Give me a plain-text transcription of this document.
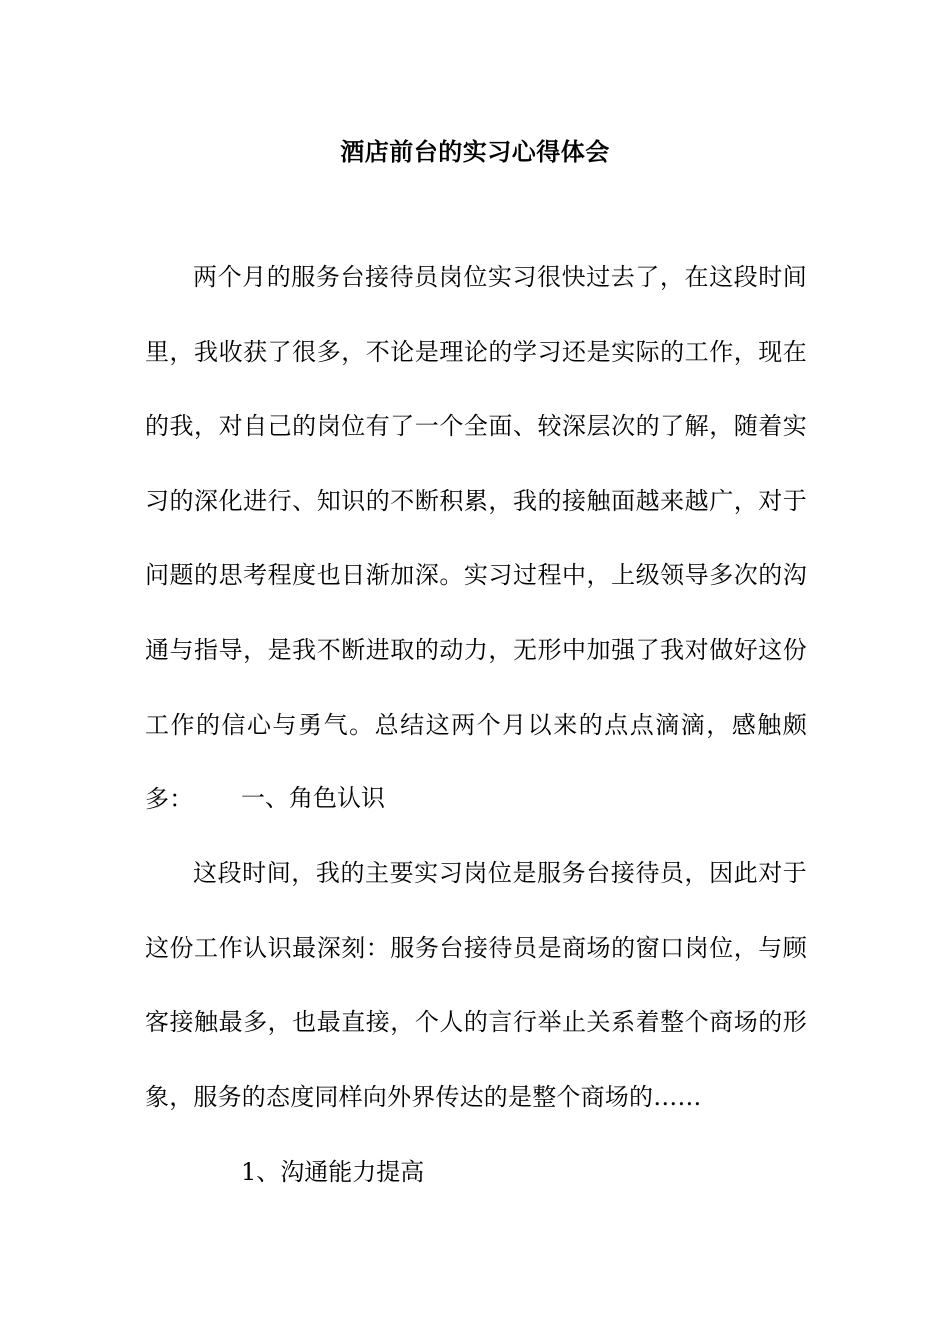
酒店前台的实习心得体会

两个月的服务台接待员岗位实习很快过去了，在这段时间里，我收获了很多，不论是理论的学习还是实际的工作，现在的我，对自己的岗位有了一个全面、较深层次的了解，随着实习的深化进行、知识的不断积累，我的接触面越来越广，对于问题的思考程度也日渐加深。实习过程中，上级领导多次的沟通与指导，是我不断进取的动力，无形中加强了我对做好这份工作的信心与勇气。总结这两个月以来的点点滴滴，感触颇多：	一、角色认识

这段时间，我的主要实习岗位是服务台接待员，因此对于这份工作认识最深刻：服务台接待员是商场的窗口岗位，与顾客接触最多，也最直接，个人的言行举止关系着整个商场的形象，服务的态度同样向外界传达的是整个商场的……

1、沟通能力提高
